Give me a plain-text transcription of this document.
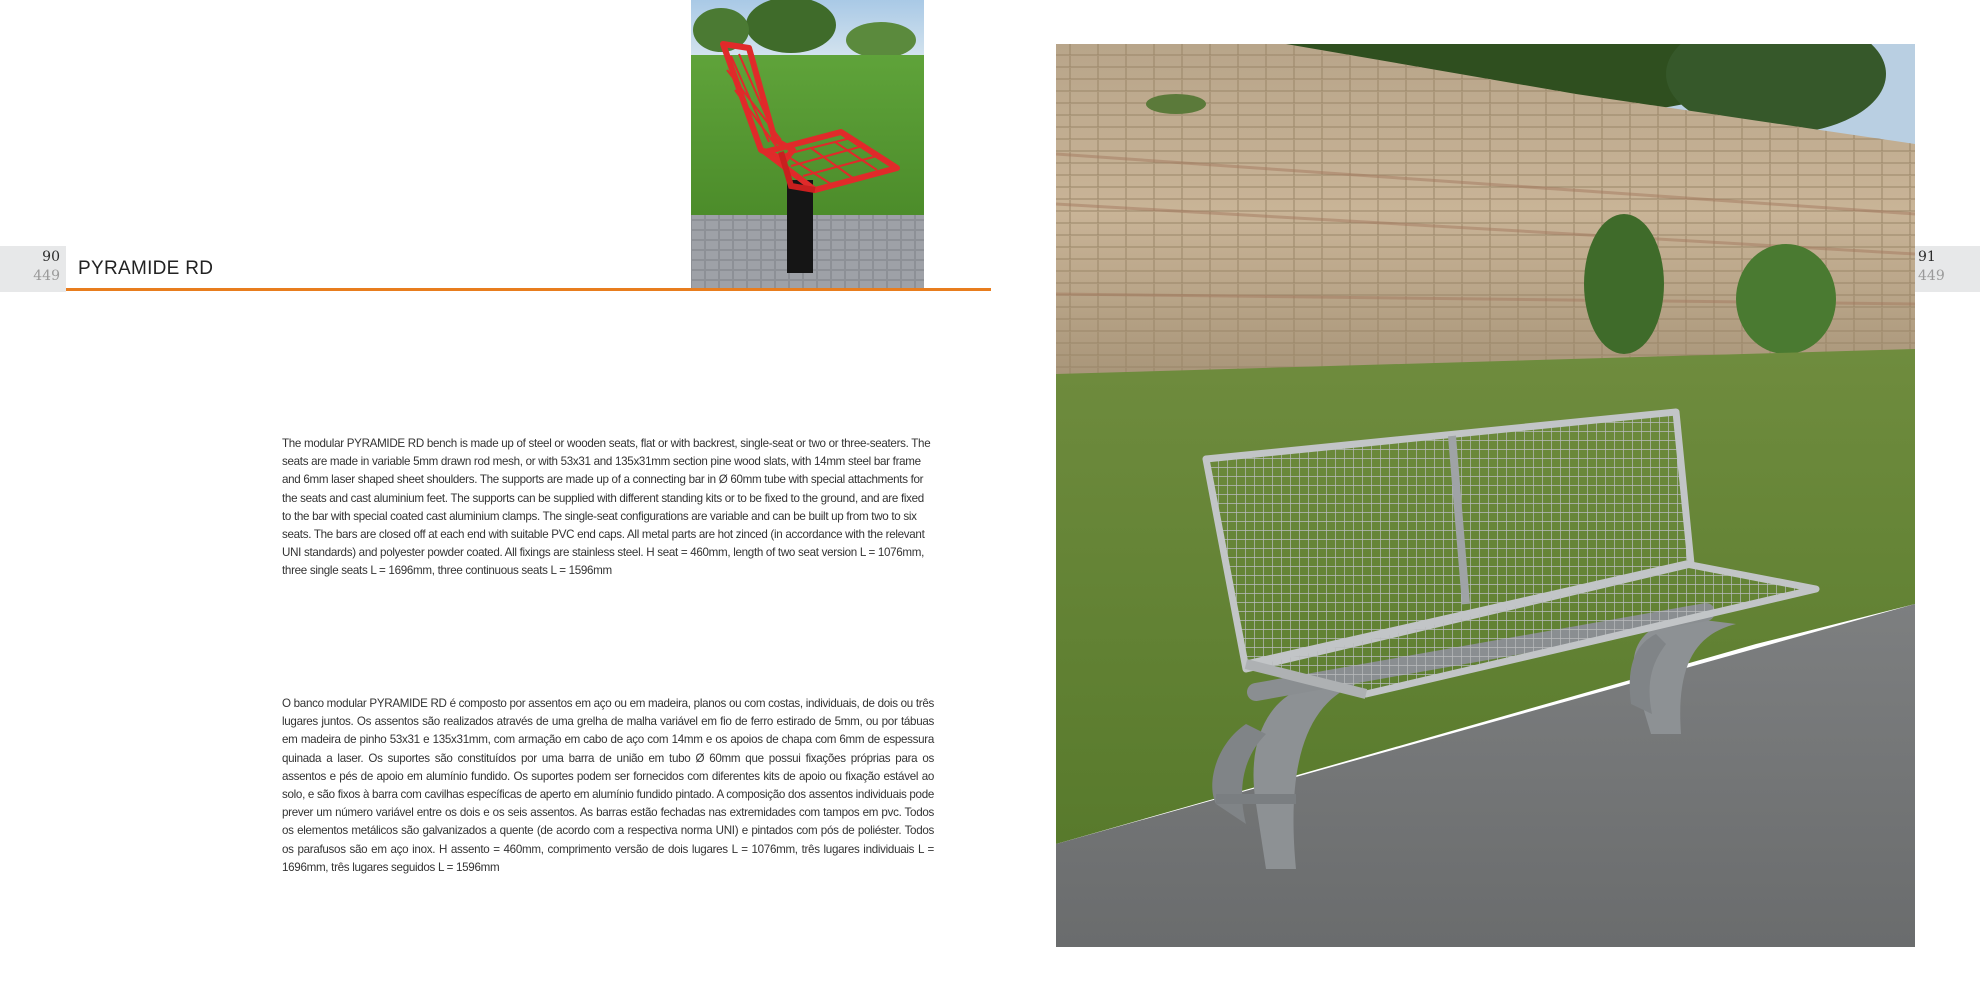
90
449
91
449
PYRAMIDE RD
The modular PYRAMIDE RD bench is made up of steel or wooden seats, flat or with backrest, single-seat or two or three-seaters. The seats are made in variable 5mm drawn rod mesh, or with 53x31 and 135x31mm section pine wood slats, with 14mm steel bar frame and 6mm laser shaped sheet shoulders. The supports are made up of a connecting bar in Ø 60mm tube with special attachments for the seats and cast aluminium feet. The supports can be supplied with different standing kits or to be fixed to the ground, and are fixed to the bar with special coated cast aluminium clamps. The single-seat configurations are variable and can be built up from two to six seats. The bars are closed off at each end with suitable PVC end caps. All metal parts are hot zinced (in accordance with the relevant UNI standards) and polyester powder coated. All fixings are stainless steel. H seat = 460mm, length of two seat version L = 1076mm, three single seats L = 1696mm, three continuous seats L = 1596mm
O banco modular PYRAMIDE RD é composto por assentos em aço ou em madeira, planos ou com costas, individuais, de dois ou três lugares juntos. Os assentos são realizados através de uma grelha de malha variável em fio de ferro estirado de 5mm, ou por tábuas em madeira de pinho 53x31 e 135x31mm, com armação em cabo de aço com 14mm e os apoios de chapa com 6mm de espessura quinada a laser. Os suportes são constituídos por uma barra de união em tubo Ø 60mm que possui fixações próprias para os assentos e pés de apoio em alumínio fundido. Os suportes podem ser fornecidos com diferentes kits de apoio ou fixação estável ao solo, e são fixos à barra com cavilhas específicas de aperto em alumínio fundido pintado. A composição dos assentos individuais pode prever um número variável entre os dois e os seis assentos. As barras estão fechadas nas extremidades com tampos em pvc. Todos os elementos metálicos são galvanizados a quente (de acordo com a respectiva norma UNI) e pintados com pós de poliéster. Todos os parafusos são em aço inox. H assento = 460mm, comprimento versão de dois lugares L = 1076mm, três lugares individuais L = 1696mm, três lugares seguidos L = 1596mm
